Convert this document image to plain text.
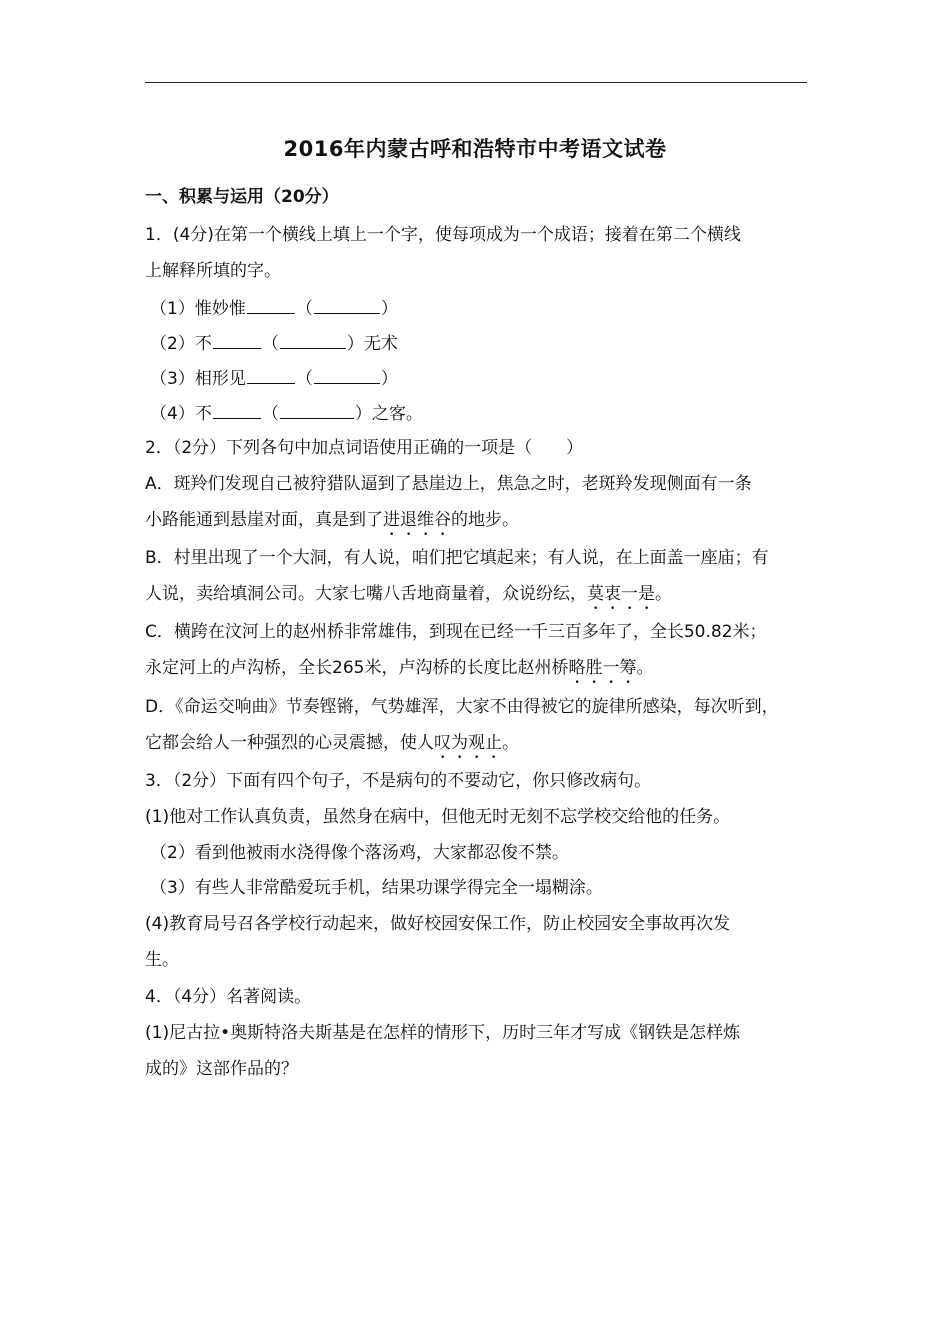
2016年内蒙古呼和浩特市中考语文试卷
一、积累与运用（20分）
1．(4分)在第一个横线上填上一个字，使每项成为一个成语；接着在第二个横线
上解释所填的字。
（1）惟妙惟	（	）
（2）不	（	）无术
（3）相形见	（	）
（4）不	（	）之客。
2．（2分）下列各句中加点词语使用正确的一项是（　　）
A．斑羚们发现自己被狩猎队逼到了悬崖边上，焦急之时，老斑羚发现侧面有一条
小路能通到悬崖对面，真是到了进退维谷的地步。
B．村里出现了一个大洞，有人说，咱们把它填起来；有人说，在上面盖一座庙；有
人说，卖给填洞公司。大家七嘴八舌地商量着，众说纷纭，莫衷一是。
C．横跨在汶河上的赵州桥非常雄伟，到现在已经一千三百多年了，全长50.82米；
永定河上的卢沟桥，全长265米，卢沟桥的长度比赵州桥略胜一筹。
D．《命运交响曲》节奏铿锵，气势雄浑，大家不由得被它的旋律所感染，每次听到，
它都会给人一种强烈的心灵震撼，使人叹为观止。
3．（2分）下面有四个句子，不是病句的不要动它，你只修改病句。
(1)他对工作认真负责，虽然身在病中，但他无时无刻不忘学校交给他的任务。
（2）看到他被雨水浇得像个落汤鸡，大家都忍俊不禁。
（3）有些人非常酷爱玩手机，结果功课学得完全一塌糊涂。
(4)教育局号召各学校行动起来，做好校园安保工作，防止校园安全事故再次发
生。
4．（4分）名著阅读。
(1)尼古拉•奥斯特洛夫斯基是在怎样的情形下，历时三年才写成《钢铁是怎样炼
成的》这部作品的？
